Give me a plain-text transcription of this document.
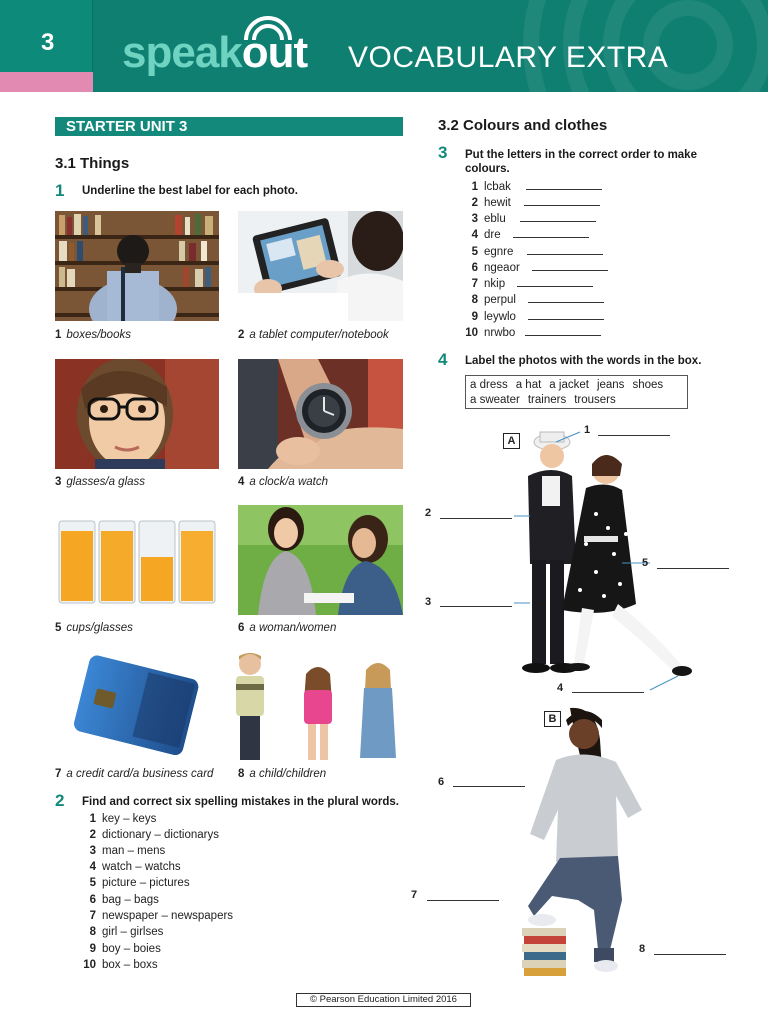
3 speakout VOCABULARY EXTRA
STARTER UNIT 3
3.1 Things
1 Underline the best label for each photo.
1 boxes/books	2 a tablet computer/notebook
3 glasses/a glass	4 a clock/a watch
5 cups/glasses	6 a woman/women
7 a credit card/a business card 8 a child/children
2 Find and correct six spelling mistakes in the plural words.
1 key – keys
2 dictionary – dictionarys
3 man – mens
4 watch – watchs
5 picture – pictures
6 bag – bags
7 newspaper – newspapers
8 girl – girlses
9 boy – boies
10 box – boxs
3.2 Colours and clothes
3 Put the letters in the correct order to make
colours.
1 lcbak
2 hewit
3 eblu
4 dre
5 egnre
6 ngeaor
7 nkip
8 perpul
9 leywlo
10 nrwbo
4 Label the photos with the words in the box.
a dress a hat a jacket jeans shoes
a sweater trainers trousers
A
1
2
3
4
5
B
6
7
8
© Pearson Education Limited 2016
